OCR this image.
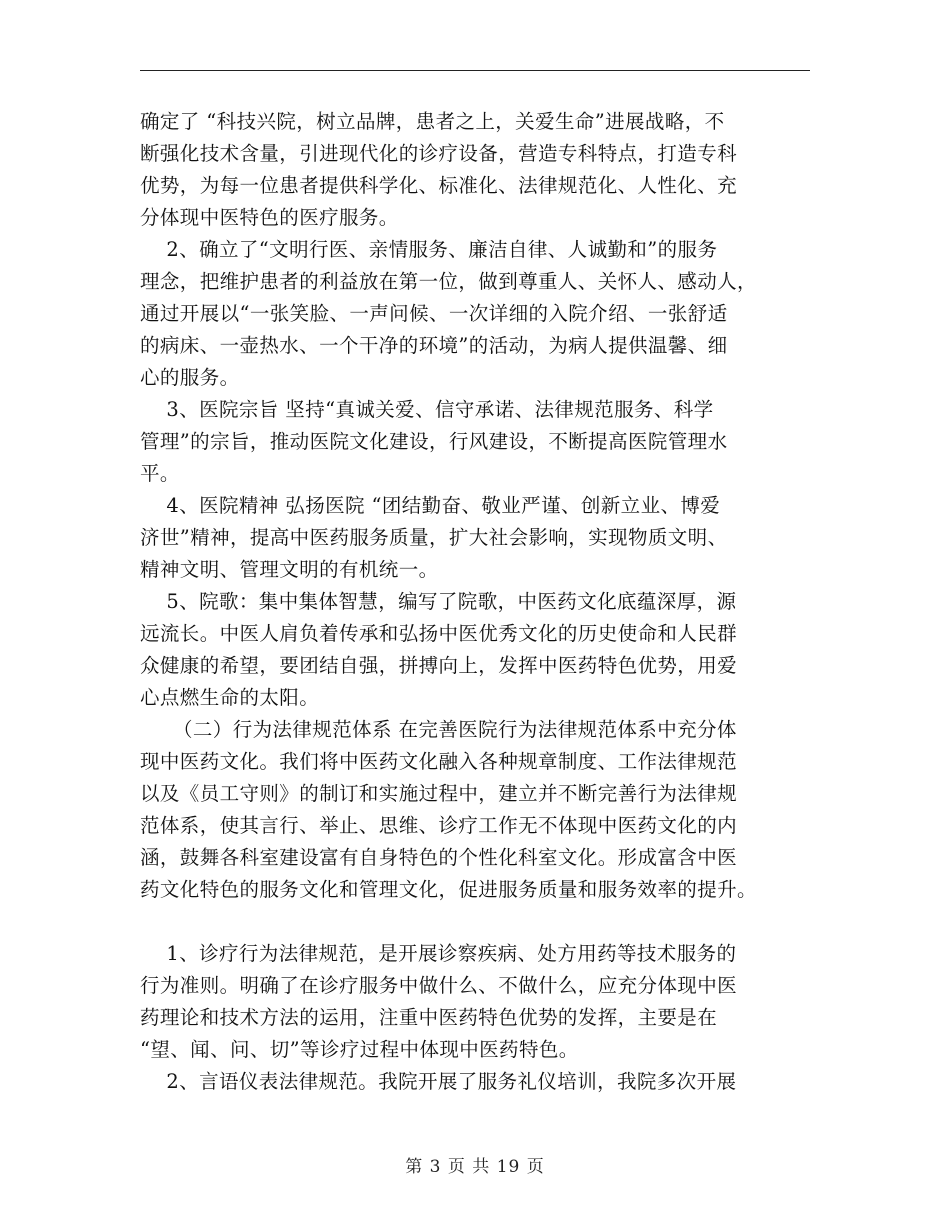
确定了 “科技兴院，树立品牌，患者之上，关爱生命”进展战略，不
断强化技术含量，引进现代化的诊疗设备，营造专科特点，打造专科
优势，为每一位患者提供科学化、标准化、法律规范化、人性化、充
分体现中医特色的医疗服务。
2、确立了“文明行医、亲情服务、廉洁自律、人诚勤和”的服务
理念，把维护患者的利益放在第一位，做到尊重人、关怀人、感动人，
通过开展以“一张笑脸、一声问候、一次详细的入院介绍、一张舒适
的病床、一壶热水、一个干净的环境”的活动，为病人提供温馨、细
心的服务。
3、医院宗旨 坚持“真诚关爱、信守承诺、法律规范服务、科学
管理”的宗旨，推动医院文化建设，行风建设，不断提高医院管理水
平。
4、医院精神 弘扬医院 “团结勤奋、敬业严谨、创新立业、博爱
济世”精神，提高中医药服务质量，扩大社会影响，实现物质文明、
精神文明、管理文明的有机统一。
5、院歌：集中集体智慧，编写了院歌，中医药文化底蕴深厚，源
远流长。中医人肩负着传承和弘扬中医优秀文化的历史使命和人民群
众健康的希望，要团结自强，拼搏向上，发挥中医药特色优势，用爱
心点燃生命的太阳。
（二）行为法律规范体系 在完善医院行为法律规范体系中充分体
现中医药文化。我们将中医药文化融入各种规章制度、工作法律规范
以及《员工守则》的制订和实施过程中，建立并不断完善行为法律规
范体系，使其言行、举止、思维、诊疗工作无不体现中医药文化的内
涵，鼓舞各科室建设富有自身特色的个性化科室文化。形成富含中医
药文化特色的服务文化和管理文化，促进服务质量和服务效率的提升。
1、诊疗行为法律规范，是开展诊察疾病、处方用药等技术服务的
行为准则。明确了在诊疗服务中做什么、不做什么，应充分体现中医
药理论和技术方法的运用，注重中医药特色优势的发挥，主要是在
“望、闻、问、切”等诊疗过程中体现中医药特色。
2、言语仪表法律规范。我院开展了服务礼仪培训，我院多次开展
第 3 页 共 19 页
